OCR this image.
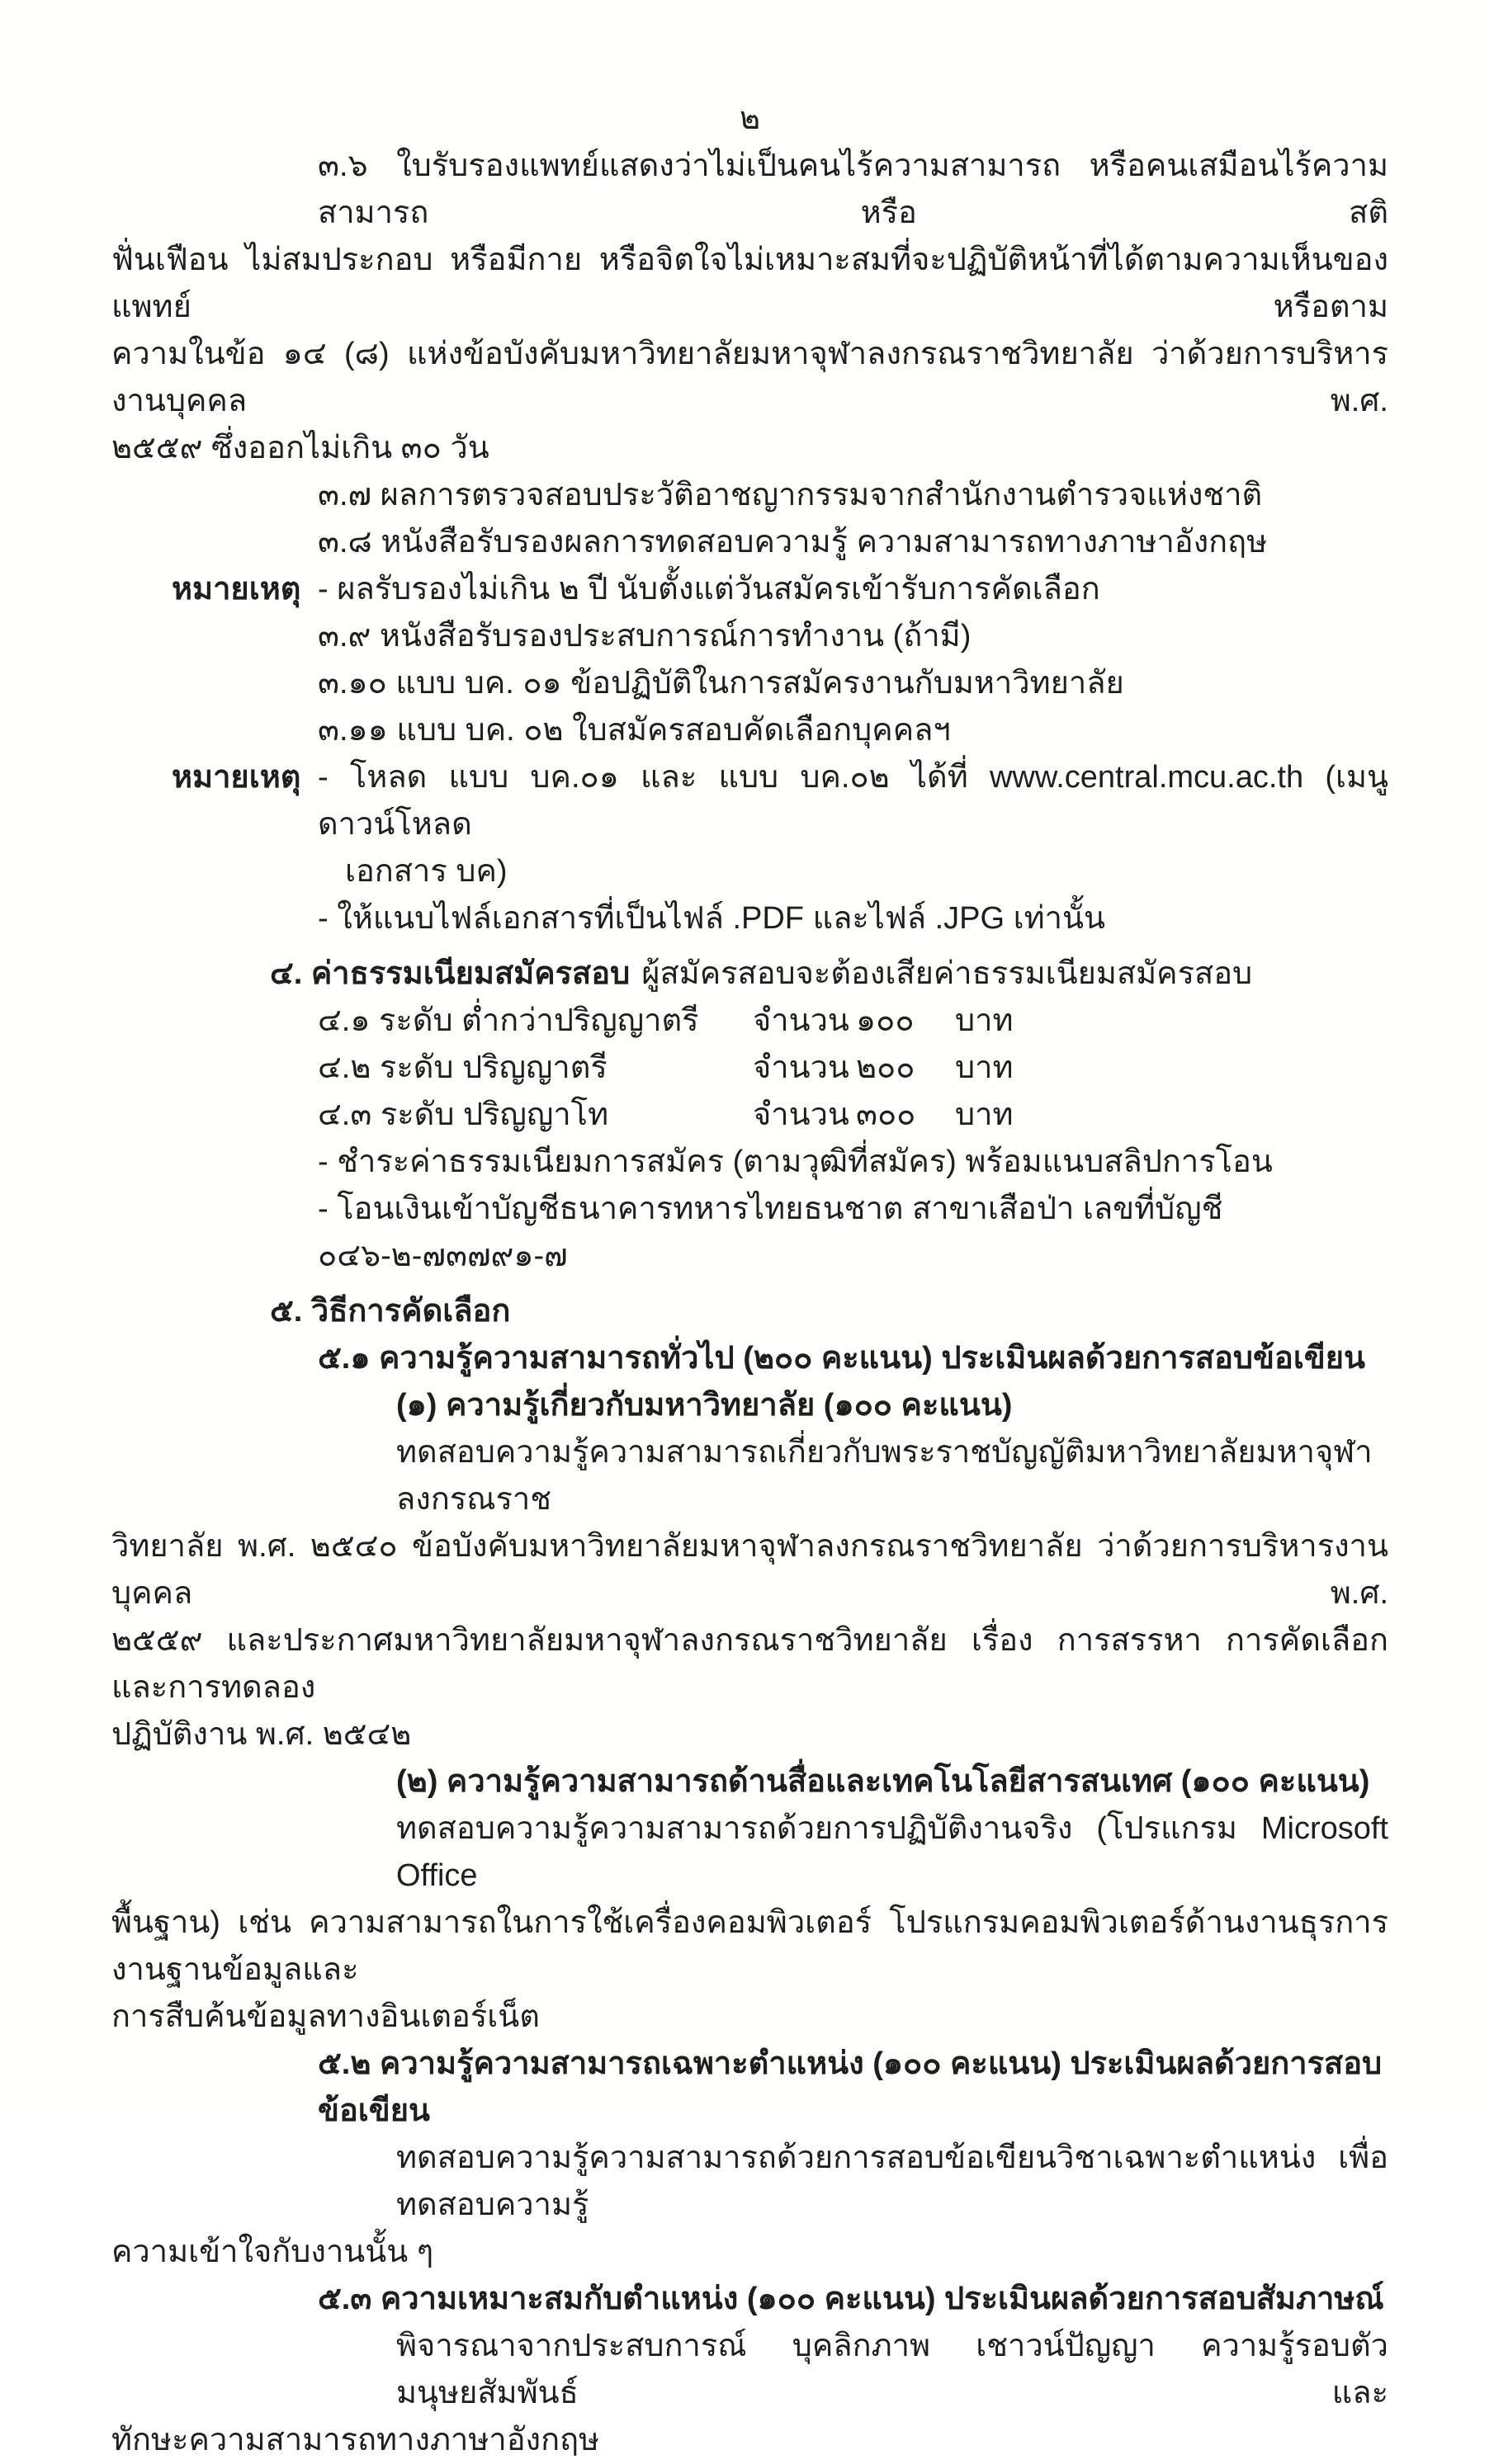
๒
๓.๖ ใบรับรองแพทย์แสดงว่าไม่เป็นคนไร้ความสามารถ หรือคนเสมือนไร้ความสามารถ หรือ สติ
ฟั่นเฟือน ไม่สมประกอบ หรือมีกาย หรือจิตใจไม่เหมาะสมที่จะปฏิบัติหน้าที่ได้ตามความเห็นของแพทย์ หรือตาม
ความในข้อ ๑๔ (๘) แห่งข้อบังคับมหาวิทยาลัยมหาจุฬาลงกรณราชวิทยาลัย ว่าด้วยการบริหารงานบุคคล พ.ศ.
๒๕๕๙ ซึ่งออกไม่เกิน ๓๐ วัน
๓.๗ ผลการตรวจสอบประวัติอาชญากรรมจากสำนักงานตำรวจแห่งชาติ
๓.๘ หนังสือรับรองผลการทดสอบความรู้ ความสามารถทางภาษาอังกฤษ
หมายเหตุ - ผลรับรองไม่เกิน ๒ ปี นับตั้งแต่วันสมัครเข้ารับการคัดเลือก
๓.๙ หนังสือรับรองประสบการณ์การทำงาน (ถ้ามี)
๓.๑๐ แบบ บค. ๐๑ ข้อปฏิบัติในการสมัครงานกับมหาวิทยาลัย
๓.๑๑ แบบ บค. ๐๒ ใบสมัครสอบคัดเลือกบุคคลฯ
หมายเหตุ - โหลด แบบ บค.๐๑ และ แบบ บค.๐๒ ได้ที่ www.central.mcu.ac.th (เมนู ดาวน์โหลด
เอกสาร บค)
- ให้แนบไฟล์เอกสารที่เป็นไฟล์ .PDF และไฟล์ .JPG เท่านั้น
๔. ค่าธรรมเนียมสมัครสอบ ผู้สมัครสอบจะต้องเสียค่าธรรมเนียมสมัครสอบ
๔.๑ ระดับ ต่ำกว่าปริญญาตรี	จำนวน ๑๐๐	บาท
๔.๒ ระดับ ปริญญาตรี	จำนวน ๒๐๐	บาท
๔.๓ ระดับ ปริญญาโท	จำนวน ๓๐๐	บาท
- ชำระค่าธรรมเนียมการสมัคร (ตามวุฒิที่สมัคร) พร้อมแนบสลิปการโอน
- โอนเงินเข้าบัญชีธนาคารทหารไทยธนชาต สาขาเสือป่า เลขที่บัญชี ๐๔๖-๒-๗๓๗๙๑-๗
๕. วิธีการคัดเลือก
๕.๑ ความรู้ความสามารถทั่วไป (๒๐๐ คะแนน) ประเมินผลด้วยการสอบข้อเขียน
(๑) ความรู้เกี่ยวกับมหาวิทยาลัย (๑๐๐ คะแนน)
ทดสอบความรู้ความสามารถเกี่ยวกับพระราชบัญญัติมหาวิทยาลัยมหาจุฬาลงกรณราช
วิทยาลัย พ.ศ. ๒๕๔๐ ข้อบังคับมหาวิทยาลัยมหาจุฬาลงกรณราชวิทยาลัย ว่าด้วยการบริหารงานบุคคล พ.ศ.
๒๕๕๙ และประกาศมหาวิทยาลัยมหาจุฬาลงกรณราชวิทยาลัย เรื่อง การสรรหา การคัดเลือก และการทดลอง
ปฏิบัติงาน พ.ศ. ๒๕๔๒
(๒) ความรู้ความสามารถด้านสื่อและเทคโนโลยีสารสนเทศ (๑๐๐ คะแนน)
ทดสอบความรู้ความสามารถด้วยการปฏิบัติงานจริง (โปรแกรม Microsoft Office
พื้นฐาน) เช่น ความสามารถในการใช้เครื่องคอมพิวเตอร์ โปรแกรมคอมพิวเตอร์ด้านงานธุรการ งานฐานข้อมูลและ
การสืบค้นข้อมูลทางอินเตอร์เน็ต
๕.๒ ความรู้ความสามารถเฉพาะตำแหน่ง (๑๐๐ คะแนน) ประเมินผลด้วยการสอบข้อเขียน
ทดสอบความรู้ความสามารถด้วยการสอบข้อเขียนวิชาเฉพาะตำแหน่ง เพื่อทดสอบความรู้
ความเข้าใจกับงานนั้น ๆ
๕.๓ ความเหมาะสมกับตำแหน่ง (๑๐๐ คะแนน) ประเมินผลด้วยการสอบสัมภาษณ์
พิจารณาจากประสบการณ์ บุคลิกภาพ เชาวน์ปัญญา ความรู้รอบตัว มนุษยสัมพันธ์ และ
ทักษะความสามารถทางภาษาอังกฤษ
